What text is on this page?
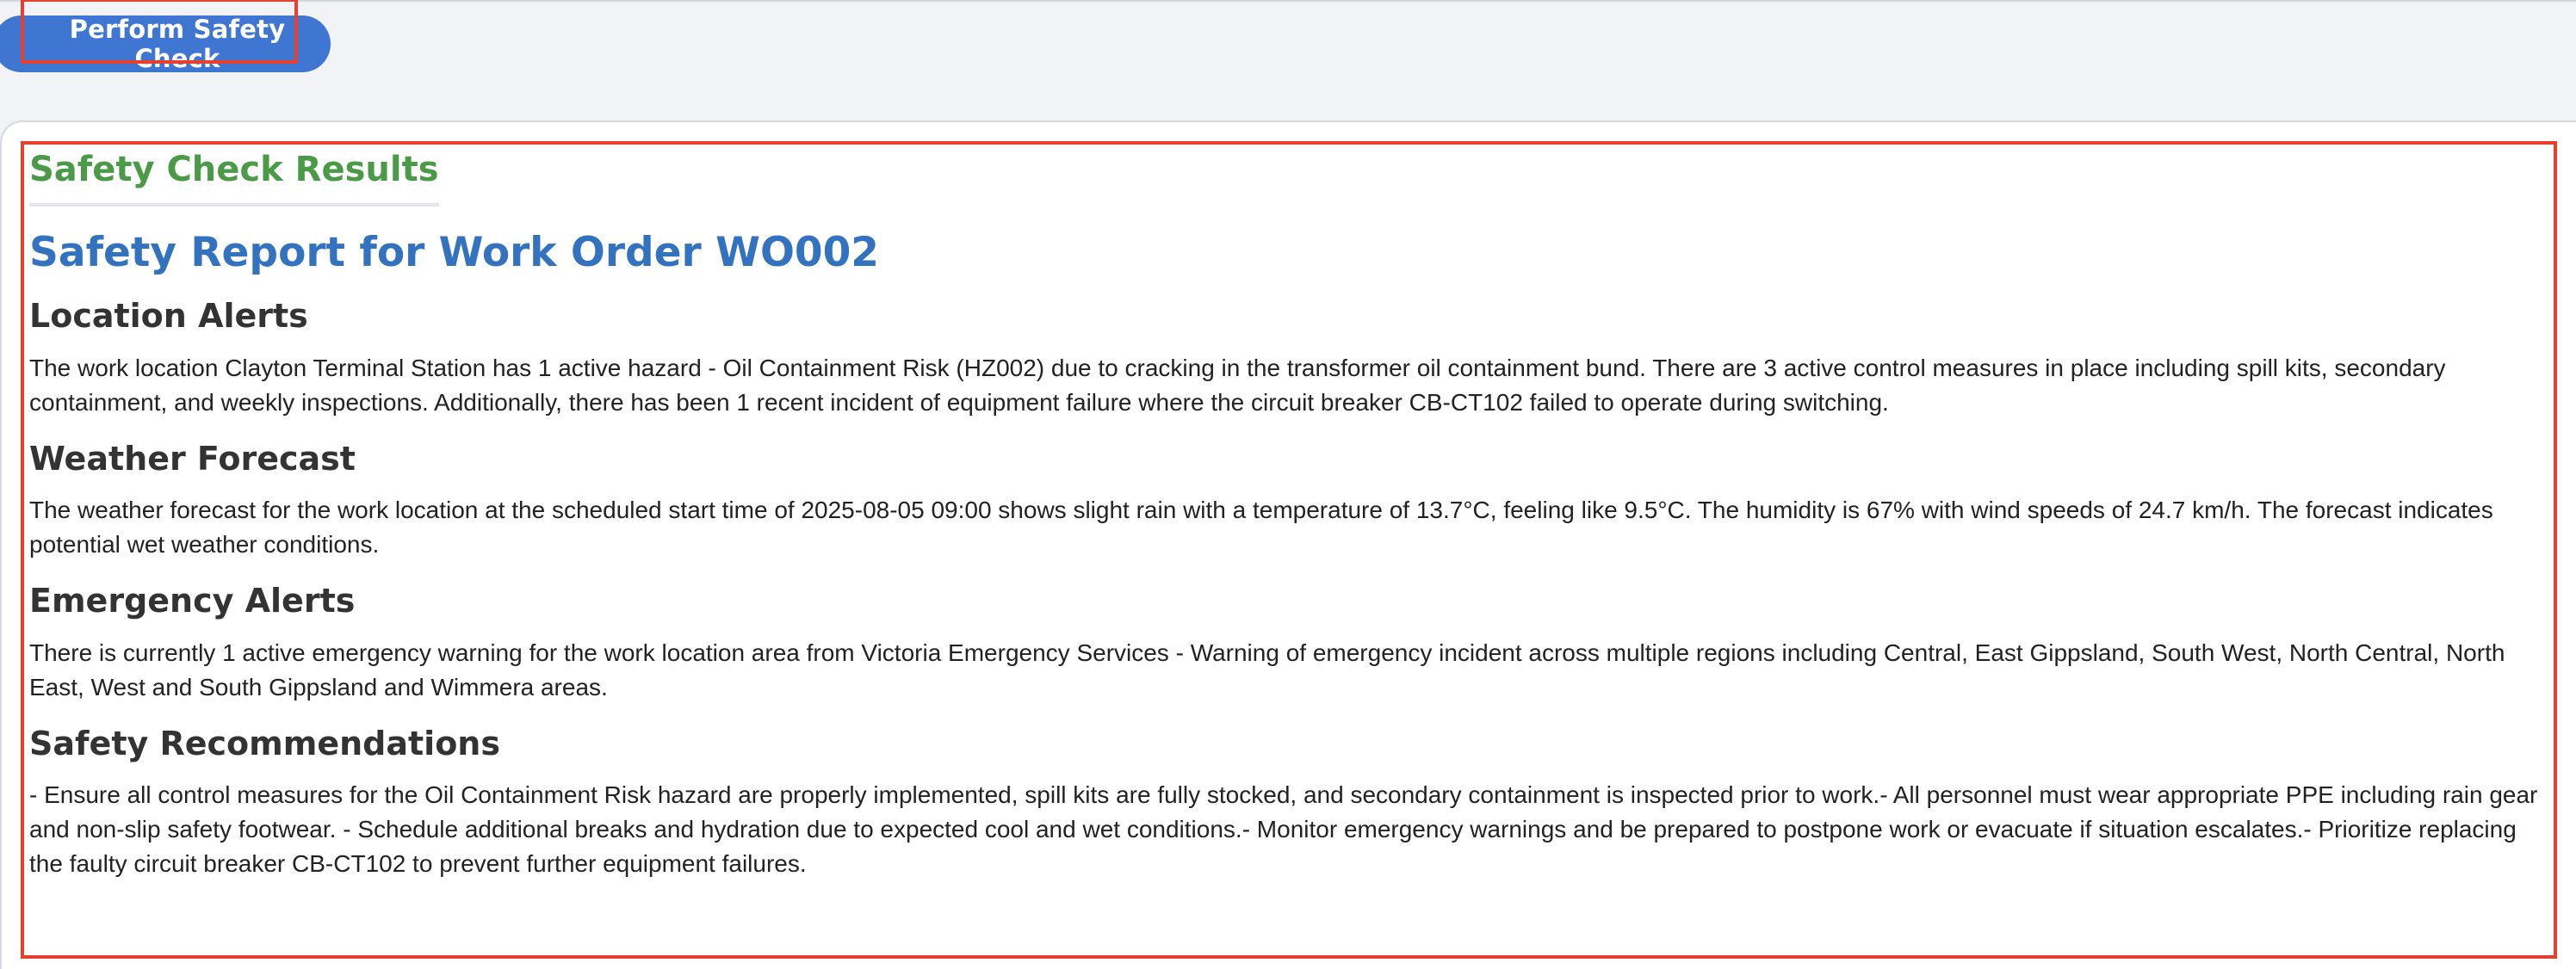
Perform Safety Check
Safety Check Results
Safety Report for Work Order WO002
Location Alerts

The work location Clayton Terminal Station has 1 active hazard - Oil Containment Risk (HZ002) due to cracking in the transformer oil containment bund. There are 3 active control measures in place including spill kits, secondary containment, and weekly inspections. Additionally, there has been 1 recent incident of equipment failure where the circuit breaker CB-CT102 failed to operate during switching.

Weather Forecast

The weather forecast for the work location at the scheduled start time of 2025-08-05 09:00 shows slight rain with a temperature of 13.7°C, feeling like 9.5°C. The humidity is 67% with wind speeds of 24.7 km/h. The forecast indicates potential wet weather conditions.

Emergency Alerts

There is currently 1 active emergency warning for the work location area from Victoria Emergency Services - Warning of emergency incident across multiple regions including Central, East Gippsland, South West, North Central, North East, West and South Gippsland and Wimmera areas.

Safety Recommendations

- Ensure all control measures for the Oil Containment Risk hazard are properly implemented, spill kits are fully stocked, and secondary containment is inspected prior to work.- All personnel must wear appropriate PPE including rain gear and non-slip safety footwear. - Schedule additional breaks and hydration due to expected cool and wet conditions.- Monitor emergency warnings and be prepared to postpone work or evacuate if situation escalates.- Prioritize replacing the faulty circuit breaker CB-CT102 to prevent further equipment failures.
